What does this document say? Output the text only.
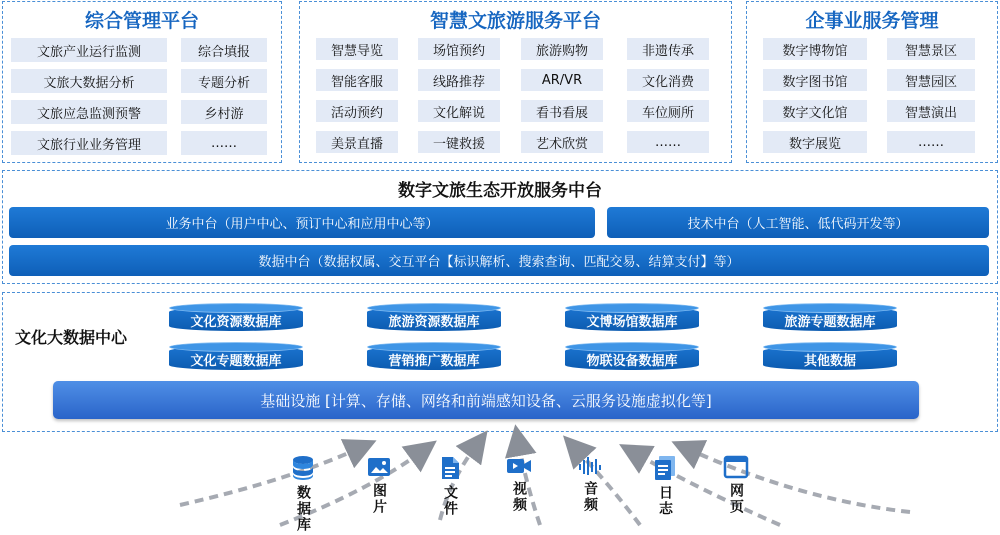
综合管理平台
文旅产业运行监测	综合填报
文旅大数据分析	专题分析
文旅应急监测预警	乡村游
文旅行业业务管理	……
智慧文旅游服务平台
智慧导览	场馆预约	旅游购物	非遗传承
智能客服	线路推荐	AR/VR	文化消费
活动预约	文化解说	看书看展	车位厕所
美景直播	一键救援	艺术欣赏	……
企事业服务管理
数字博物馆	智慧景区
数字图书馆	智慧园区
数字文化馆	智慧演出
数字展览	……
数字文旅生态开放服务中台
业务中台（用户中心、预订中心和应用中心等）	技术中台（人工智能、低代码开发等）
数据中台（数据权属、交互平台【标识解析、搜索查询、匹配交易、结算支付】等）
文化大数据中心
文化资源数据库	旅游资源数据库	文博场馆数据库	旅游专题数据库
文化专题数据库	营销推广数据库	物联设备数据库	其他数据
基础设施 [计算、存储、网络和前端感知设备、云服务设施虚拟化等]
数据库	图片	文件	视频	音频	日志	网页
